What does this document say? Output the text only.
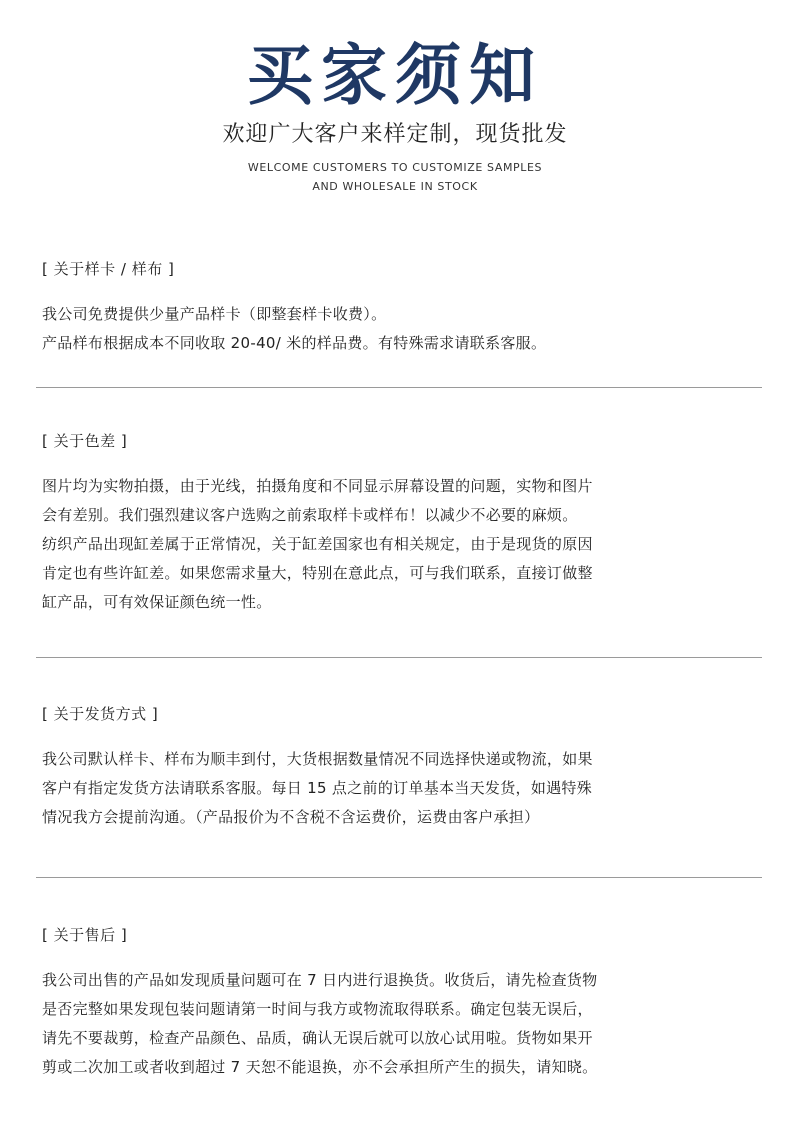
买家须知
欢迎广大客户来样定制，现货批发
WELCOME CUSTOMERS TO CUSTOMIZE SAMPLES
AND WHOLESALE IN STOCK
[ 关于样卡 / 样布 ]

我公司免费提供少量产品样卡（即整套样卡收费）。

产品样布根据成本不同收取 20-40/ 米的样品费。有特殊需求请联系客服。

[ 关于色差 ]

图片均为实物拍摄，由于光线，拍摄角度和不同显示屏幕设置的问题，实物和图片

会有差别。我们强烈建议客户选购之前索取样卡或样布！以减少不必要的麻烦。

纺织产品出现缸差属于正常情况，关于缸差国家也有相关规定，由于是现货的原因

肯定也有些许缸差。如果您需求量大，特别在意此点，可与我们联系，直接订做整

缸产品，可有效保证颜色统一性。

[ 关于发货方式 ]

我公司默认样卡、样布为顺丰到付，大货根据数量情况不同选择快递或物流，如果

客户有指定发货方法请联系客服。每日 15 点之前的订单基本当天发货，如遇特殊

情况我方会提前沟通。（产品报价为不含税不含运费价，运费由客户承担）

[ 关于售后 ]

我公司出售的产品如发现质量问题可在 7 日内进行退换货。收货后，请先检查货物

是否完整如果发现包装问题请第一时间与我方或物流取得联系。确定包装无误后，

请先不要裁剪，检查产品颜色、品质，确认无误后就可以放心试用啦。货物如果开

剪或二次加工或者收到超过 7 天恕不能退换，亦不会承担所产生的损失，请知晓。
